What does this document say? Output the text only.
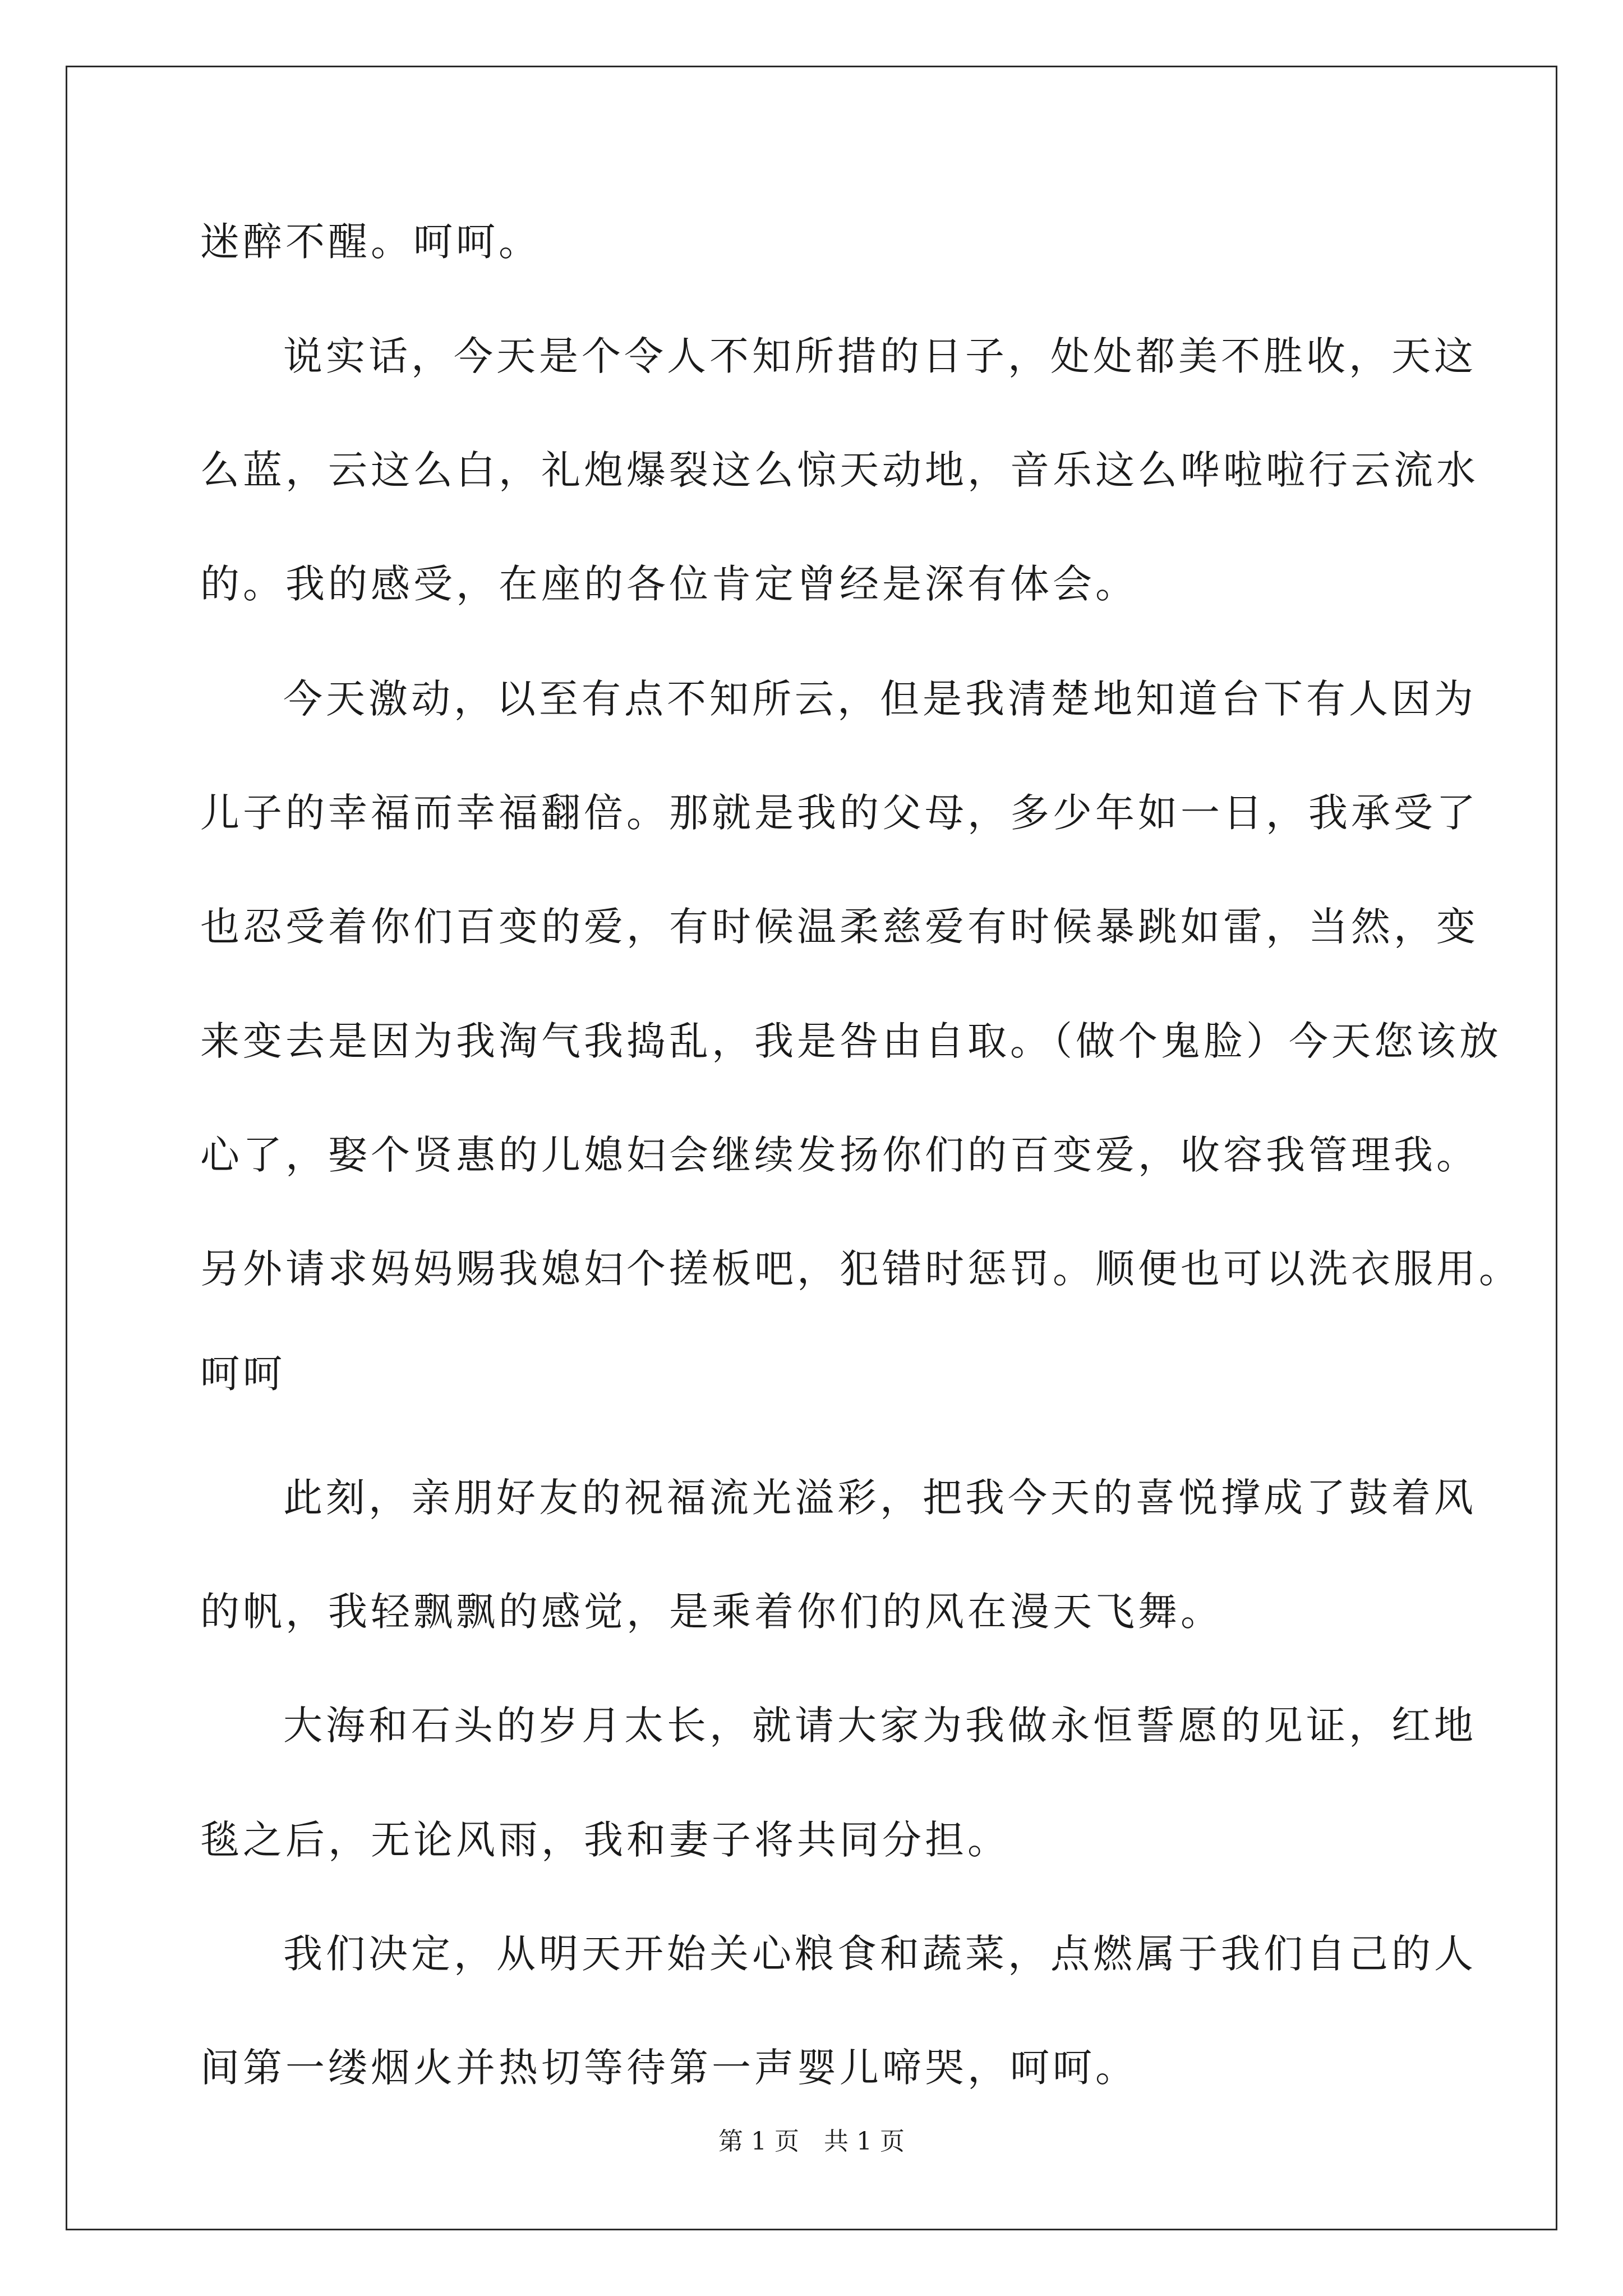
迷醉不醒。呵呵。

说实话，今天是个令人不知所措的日子，处处都美不胜收，天这

么蓝，云这么白，礼炮爆裂这么惊天动地，音乐这么哗啦啦行云流水

的。我的感受，在座的各位肯定曾经是深有体会。

今天激动，以至有点不知所云，但是我清楚地知道台下有人因为

儿子的幸福而幸福翻倍。那就是我的父母，多少年如一日，我承受了

也忍受着你们百变的爱，有时候温柔慈爱有时候暴跳如雷，当然，变

来变去是因为我淘气我捣乱，我是咎由自取。（做个鬼脸）今天您该放

心了，娶个贤惠的儿媳妇会继续发扬你们的百变爱，收容我管理我。

另外请求妈妈赐我媳妇个搓板吧，犯错时惩罚。顺便也可以洗衣服用。

呵呵

此刻，亲朋好友的祝福流光溢彩，把我今天的喜悦撑成了鼓着风

的帆，我轻飘飘的感觉，是乘着你们的风在漫天飞舞。

大海和石头的岁月太长，就请大家为我做永恒誓愿的见证，红地

毯之后，无论风雨，我和妻子将共同分担。

我们决定，从明天开始关心粮食和蔬菜，点燃属于我们自己的人

间第一缕烟火并热切等待第一声婴儿啼哭，呵呵。

第 1 页　共 1 页
